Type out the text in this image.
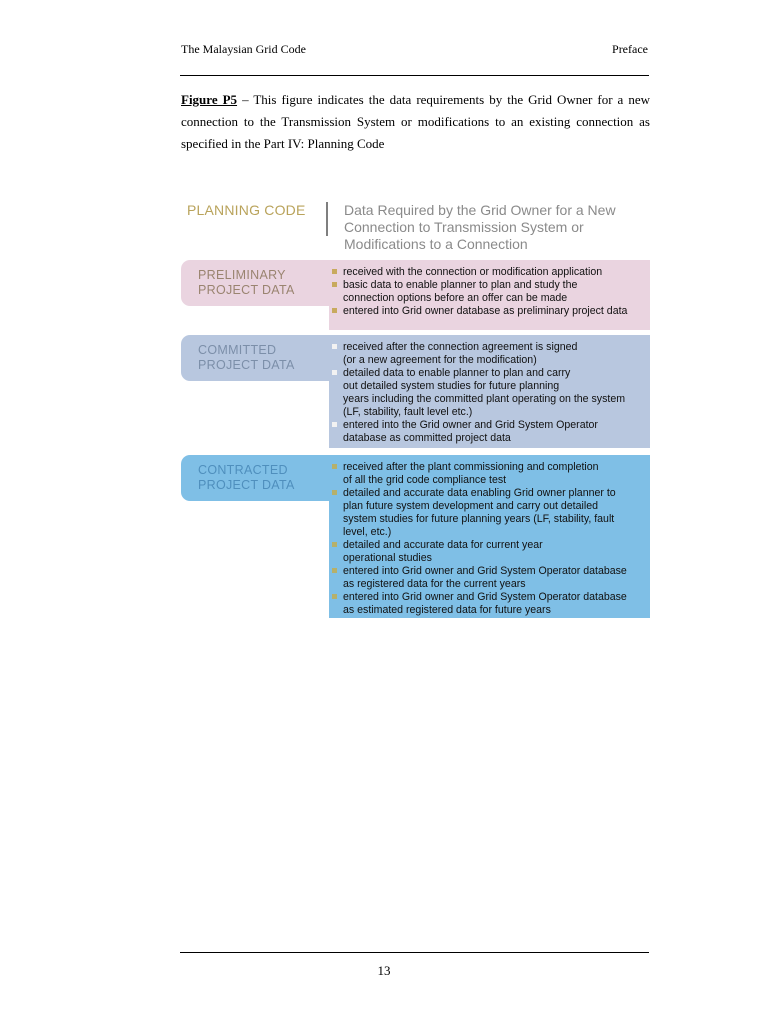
The Malaysian Grid Code	Preface
Figure P5 – This figure indicates the data requirements by the Grid Owner for a new connection to the Transmission System or modifications to an existing connection as specified in the Part IV: Planning Code
PLANNING CODE	Data Required by the Grid Owner for a New Connection to Transmission System or Modifications to a Connection
PRELIMINARY
PROJECT DATA
received with the connection or modification application
basic data to enable planner to plan and study the
connection options before an offer can be made
entered into Grid owner database as preliminary project data
COMMITTED
PROJECT DATA
received after the connection agreement is signed
(or a new agreement for the modification)
detailed data to enable planner to plan and carry
out detailed system studies for future planning
years including the committed plant operating on the system
(LF, stability, fault level etc.)
entered into the Grid owner and Grid System Operator
database as committed project data
CONTRACTED
PROJECT DATA
received after the plant commissioning and completion
of all the grid code compliance test
detailed and accurate data enabling Grid owner planner to
plan future system development and carry out detailed
system studies for future planning years (LF, stability, fault
level, etc.)
detailed and accurate data for current year
operational studies
entered into Grid owner and Grid System Operator database
as registered data for the current years
entered into Grid owner and Grid System Operator database
as estimated registered data for future years
13
